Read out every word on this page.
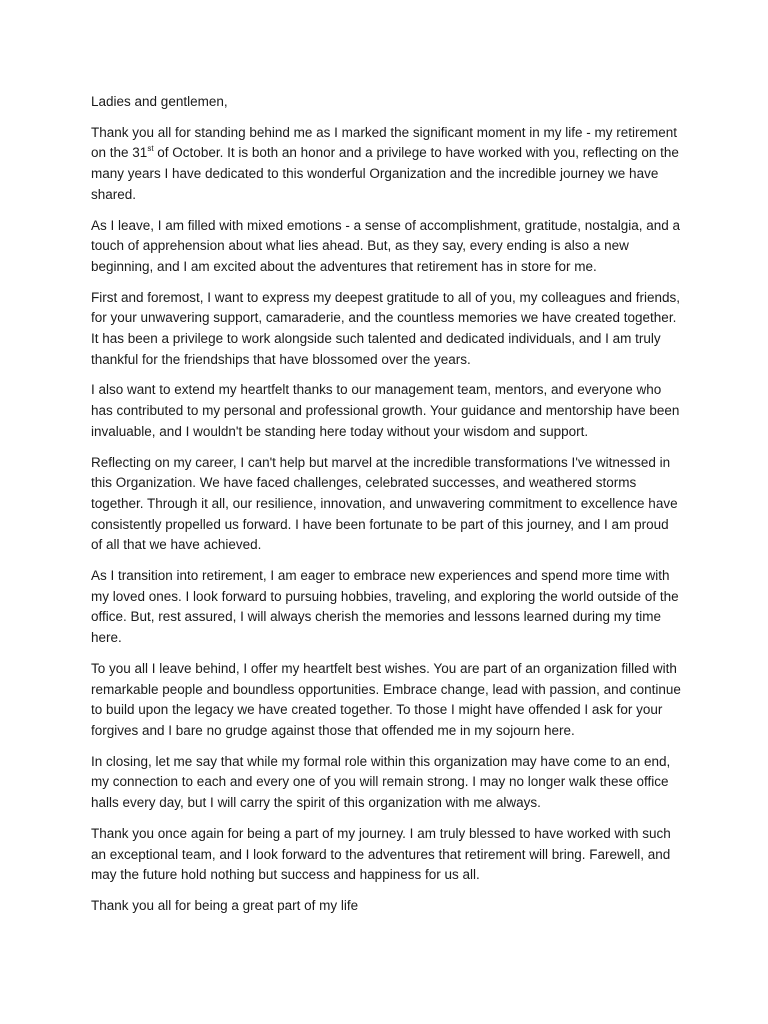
Ladies and gentlemen,

Thank you all for standing behind me as I marked the significant moment in my life - my retirement on the 31st of October. It is both an honor and a privilege to have worked with you, reflecting on the many years I have dedicated to this wonderful Organization and the incredible journey we have shared.

As I leave, I am filled with mixed emotions - a sense of accomplishment, gratitude, nostalgia, and a touch of apprehension about what lies ahead. But, as they say, every ending is also a new beginning, and I am excited about the adventures that retirement has in store for me.

First and foremost, I want to express my deepest gratitude to all of you, my colleagues and friends, for your unwavering support, camaraderie, and the countless memories we have created together. It has been a privilege to work alongside such talented and dedicated individuals, and I am truly thankful for the friendships that have blossomed over the years.

I also want to extend my heartfelt thanks to our management team, mentors, and everyone who has contributed to my personal and professional growth. Your guidance and mentorship have been invaluable, and I wouldn't be standing here today without your wisdom and support.

Reflecting on my career, I can't help but marvel at the incredible transformations I've witnessed in this Organization. We have faced challenges, celebrated successes, and weathered storms together. Through it all, our resilience, innovation, and unwavering commitment to excellence have consistently propelled us forward. I have been fortunate to be part of this journey, and I am proud of all that we have achieved.

As I transition into retirement, I am eager to embrace new experiences and spend more time with my loved ones. I look forward to pursuing hobbies, traveling, and exploring the world outside of the office. But, rest assured, I will always cherish the memories and lessons learned during my time here.

To you all I leave behind, I offer my heartfelt best wishes. You are part of an organization filled with remarkable people and boundless opportunities. Embrace change, lead with passion, and continue to build upon the legacy we have created together. To those I might have offended I ask for your forgives and I bare no grudge against those that offended me in my sojourn here.

In closing, let me say that while my formal role within this organization may have come to an end, my connection to each and every one of you will remain strong. I may no longer walk these office halls every day, but I will carry the spirit of this organization with me always.

Thank you once again for being a part of my journey. I am truly blessed to have worked with such an exceptional team, and I look forward to the adventures that retirement will bring. Farewell, and may the future hold nothing but success and happiness for us all.

Thank you all for being a great part of my life
